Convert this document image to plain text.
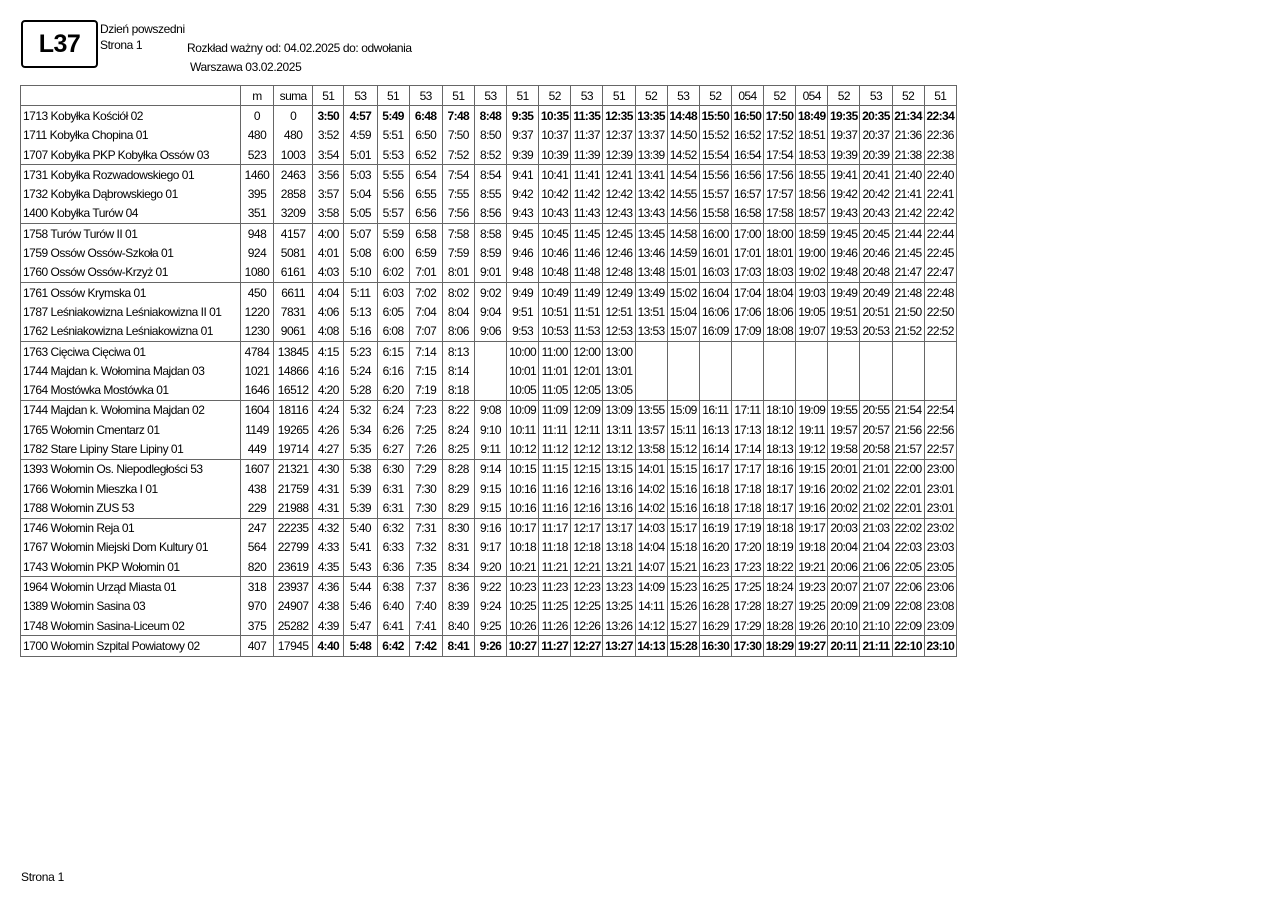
L37
Dzień powszedni
Strona 1	Rozkład ważny od: 04.02.2025 do: odwołania
Warszawa 03.02.2025
	m	suma	51	53	51	53	51	53	51	52	53	51	52	53	52	054	52	054	52	53	52	51
1713 Kobyłka Kościół 02	0	0	3:50	4:57	5:49	6:48	7:48	8:48	9:35	10:35	11:35	12:35	13:35	14:48	15:50	16:50	17:50	18:49	19:35	20:35	21:34	22:34
1711 Kobyłka Chopina 01	480	480	3:52	4:59	5:51	6:50	7:50	8:50	9:37	10:37	11:37	12:37	13:37	14:50	15:52	16:52	17:52	18:51	19:37	20:37	21:36	22:36
1707 Kobyłka PKP Kobyłka Ossów 03	523	1003	3:54	5:01	5:53	6:52	7:52	8:52	9:39	10:39	11:39	12:39	13:39	14:52	15:54	16:54	17:54	18:53	19:39	20:39	21:38	22:38
1731 Kobyłka Rozwadowskiego 01	1460	2463	3:56	5:03	5:55	6:54	7:54	8:54	9:41	10:41	11:41	12:41	13:41	14:54	15:56	16:56	17:56	18:55	19:41	20:41	21:40	22:40
1732 Kobyłka Dąbrowskiego 01	395	2858	3:57	5:04	5:56	6:55	7:55	8:55	9:42	10:42	11:42	12:42	13:42	14:55	15:57	16:57	17:57	18:56	19:42	20:42	21:41	22:41
1400 Kobyłka Turów 04	351	3209	3:58	5:05	5:57	6:56	7:56	8:56	9:43	10:43	11:43	12:43	13:43	14:56	15:58	16:58	17:58	18:57	19:43	20:43	21:42	22:42
1758 Turów Turów II 01	948	4157	4:00	5:07	5:59	6:58	7:58	8:58	9:45	10:45	11:45	12:45	13:45	14:58	16:00	17:00	18:00	18:59	19:45	20:45	21:44	22:44
1759 Ossów Ossów-Szkoła 01	924	5081	4:01	5:08	6:00	6:59	7:59	8:59	9:46	10:46	11:46	12:46	13:46	14:59	16:01	17:01	18:01	19:00	19:46	20:46	21:45	22:45
1760 Ossów Ossów-Krzyż 01	1080	6161	4:03	5:10	6:02	7:01	8:01	9:01	9:48	10:48	11:48	12:48	13:48	15:01	16:03	17:03	18:03	19:02	19:48	20:48	21:47	22:47
1761 Ossów Krymska 01	450	6611	4:04	5:11	6:03	7:02	8:02	9:02	9:49	10:49	11:49	12:49	13:49	15:02	16:04	17:04	18:04	19:03	19:49	20:49	21:48	22:48
1787 Leśniakowizna Leśniakowizna II 01	1220	7831	4:06	5:13	6:05	7:04	8:04	9:04	9:51	10:51	11:51	12:51	13:51	15:04	16:06	17:06	18:06	19:05	19:51	20:51	21:50	22:50
1762 Leśniakowizna Leśniakowizna 01	1230	9061	4:08	5:16	6:08	7:07	8:06	9:06	9:53	10:53	11:53	12:53	13:53	15:07	16:09	17:09	18:08	19:07	19:53	20:53	21:52	22:52
1763 Cięciwa Cięciwa 01	4784	13845	4:15	5:23	6:15	7:14	8:13		10:00	11:00	12:00	13:00										
1744 Majdan k. Wołomina Majdan 03	1021	14866	4:16	5:24	6:16	7:15	8:14		10:01	11:01	12:01	13:01										
1764 Mostówka Mostówka 01	1646	16512	4:20	5:28	6:20	7:19	8:18		10:05	11:05	12:05	13:05										
1744 Majdan k. Wołomina Majdan 02	1604	18116	4:24	5:32	6:24	7:23	8:22	9:08	10:09	11:09	12:09	13:09	13:55	15:09	16:11	17:11	18:10	19:09	19:55	20:55	21:54	22:54
1765 Wołomin Cmentarz 01	1149	19265	4:26	5:34	6:26	7:25	8:24	9:10	10:11	11:11	12:11	13:11	13:57	15:11	16:13	17:13	18:12	19:11	19:57	20:57	21:56	22:56
1782 Stare Lipiny Stare Lipiny 01	449	19714	4:27	5:35	6:27	7:26	8:25	9:11	10:12	11:12	12:12	13:12	13:58	15:12	16:14	17:14	18:13	19:12	19:58	20:58	21:57	22:57
1393 Wołomin Os. Niepodległości 53	1607	21321	4:30	5:38	6:30	7:29	8:28	9:14	10:15	11:15	12:15	13:15	14:01	15:15	16:17	17:17	18:16	19:15	20:01	21:01	22:00	23:00
1766 Wołomin Mieszka I 01	438	21759	4:31	5:39	6:31	7:30	8:29	9:15	10:16	11:16	12:16	13:16	14:02	15:16	16:18	17:18	18:17	19:16	20:02	21:02	22:01	23:01
1788 Wołomin ZUS 53	229	21988	4:31	5:39	6:31	7:30	8:29	9:15	10:16	11:16	12:16	13:16	14:02	15:16	16:18	17:18	18:17	19:16	20:02	21:02	22:01	23:01
1746 Wołomin Reja 01	247	22235	4:32	5:40	6:32	7:31	8:30	9:16	10:17	11:17	12:17	13:17	14:03	15:17	16:19	17:19	18:18	19:17	20:03	21:03	22:02	23:02
1767 Wołomin Miejski Dom Kultury 01	564	22799	4:33	5:41	6:33	7:32	8:31	9:17	10:18	11:18	12:18	13:18	14:04	15:18	16:20	17:20	18:19	19:18	20:04	21:04	22:03	23:03
1743 Wołomin PKP Wołomin 01	820	23619	4:35	5:43	6:36	7:35	8:34	9:20	10:21	11:21	12:21	13:21	14:07	15:21	16:23	17:23	18:22	19:21	20:06	21:06	22:05	23:05
1964 Wołomin Urząd Miasta 01	318	23937	4:36	5:44	6:38	7:37	8:36	9:22	10:23	11:23	12:23	13:23	14:09	15:23	16:25	17:25	18:24	19:23	20:07	21:07	22:06	23:06
1389 Wołomin Sasina 03	970	24907	4:38	5:46	6:40	7:40	8:39	9:24	10:25	11:25	12:25	13:25	14:11	15:26	16:28	17:28	18:27	19:25	20:09	21:09	22:08	23:08
1748 Wołomin Sasina-Liceum 02	375	25282	4:39	5:47	6:41	7:41	8:40	9:25	10:26	11:26	12:26	13:26	14:12	15:27	16:29	17:29	18:28	19:26	20:10	21:10	22:09	23:09
1700 Wołomin Szpital Powiatowy 02	407	17945	4:40	5:48	6:42	7:42	8:41	9:26	10:27	11:27	12:27	13:27	14:13	15:28	16:30	17:30	18:29	19:27	20:11	21:11	22:10	23:10
Strona 1
